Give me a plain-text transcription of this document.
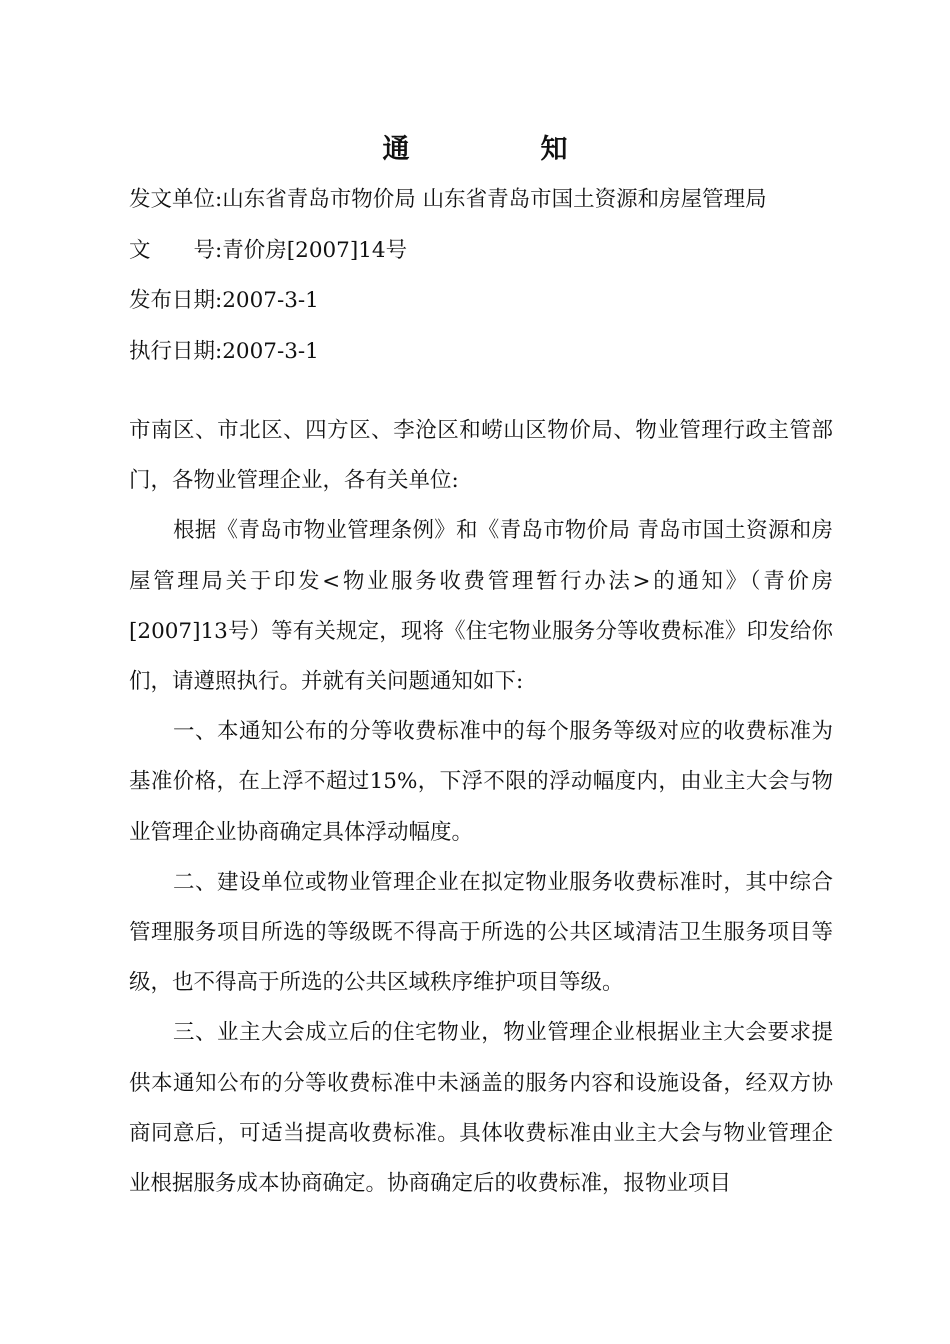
通　知
发文单位:山东省青岛市物价局 山东省青岛市国土资源和房屋管理局
文　　号:青价房[2007]14号
发布日期:2007-3-1
执行日期:2007-3-1

市南区、市北区、四方区、李沧区和崂山区物价局、物业管理行政主管部门，各物业管理企业，各有关单位:

根据《青岛市物业管理条例》和《青岛市物价局 青岛市国土资源和房屋管理局关于印发<物业服务收费管理暂行办法>的通知》（青价房[2007]13号）等有关规定，现将《住宅物业服务分等收费标准》印发给你们，请遵照执行。并就有关问题通知如下:

一、本通知公布的分等收费标准中的每个服务等级对应的收费标准为基准价格，在上浮不超过15%，下浮不限的浮动幅度内，由业主大会与物业管理企业协商确定具体浮动幅度。

二、建设单位或物业管理企业在拟定物业服务收费标准时，其中综合管理服务项目所选的等级既不得高于所选的公共区域清洁卫生服务项目等级，也不得高于所选的公共区域秩序维护项目等级。

三、业主大会成立后的住宅物业，物业管理企业根据业主大会要求提供本通知公布的分等收费标准中未涵盖的服务内容和设施设备，经双方协商同意后，可适当提高收费标准。具体收费标准由业主大会与物业管理企业根据服务成本协商确定。协商确定后的收费标准，报物业项目
